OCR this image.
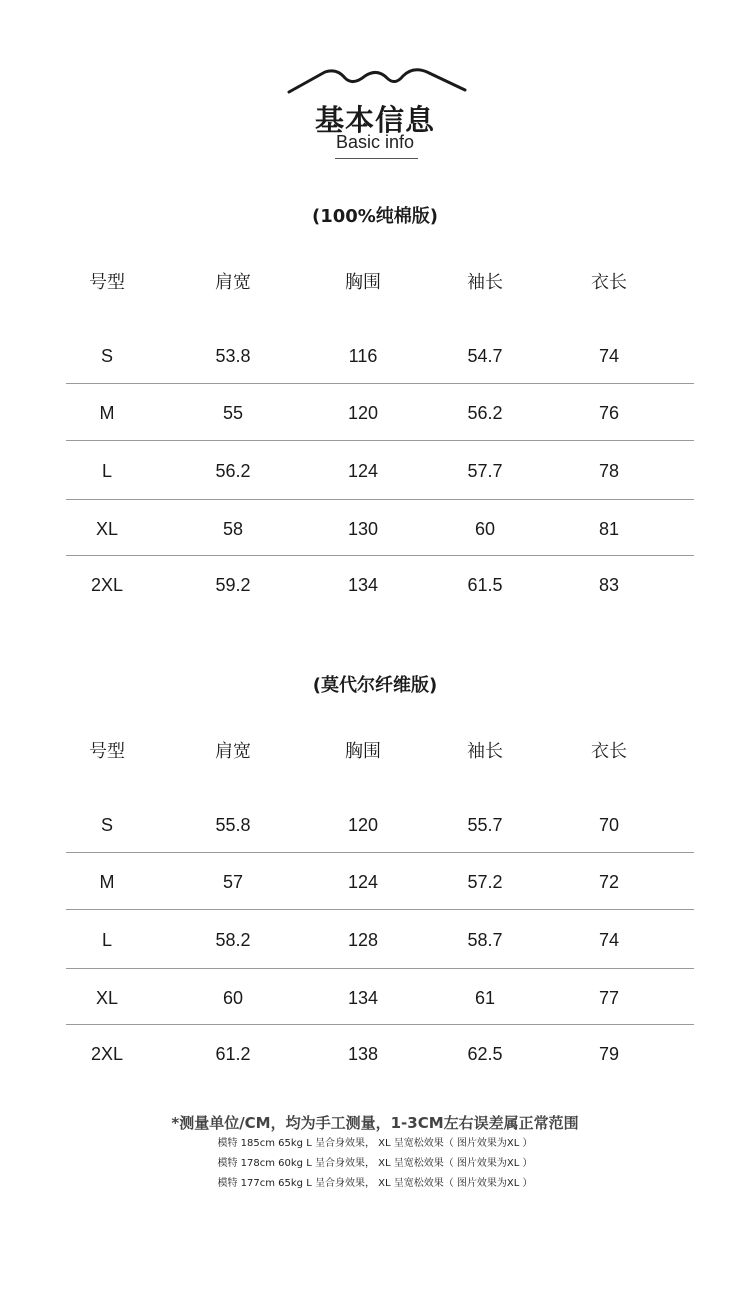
基本信息
Basic info
(100%纯棉版)
号型	肩宽	胸围	袖长	衣长
S	53.8	116	54.7	74
M	55	120	56.2	76
L	56.2	124	57.7	78
XL	58	130	60	81
2XL	59.2	134	61.5	83
(莫代尔纤维版)
号型	肩宽	胸围	袖长	衣长
S	55.8	120	55.7	70
M	57	124	57.2	72
L	58.2	128	58.7	74
XL	60	134	61	77
2XL	61.2	138	62.5	79
*测量单位/CM，均为手工测量，1-3CM左右误差属正常范围
模特 185cm 65kg L 呈合身效果， XL 呈宽松效果（ 图片效果为XL ）
模特 178cm 60kg L 呈合身效果， XL 呈宽松效果（ 图片效果为XL ）
模特 177cm 65kg L 呈合身效果， XL 呈宽松效果（ 图片效果为XL ）
